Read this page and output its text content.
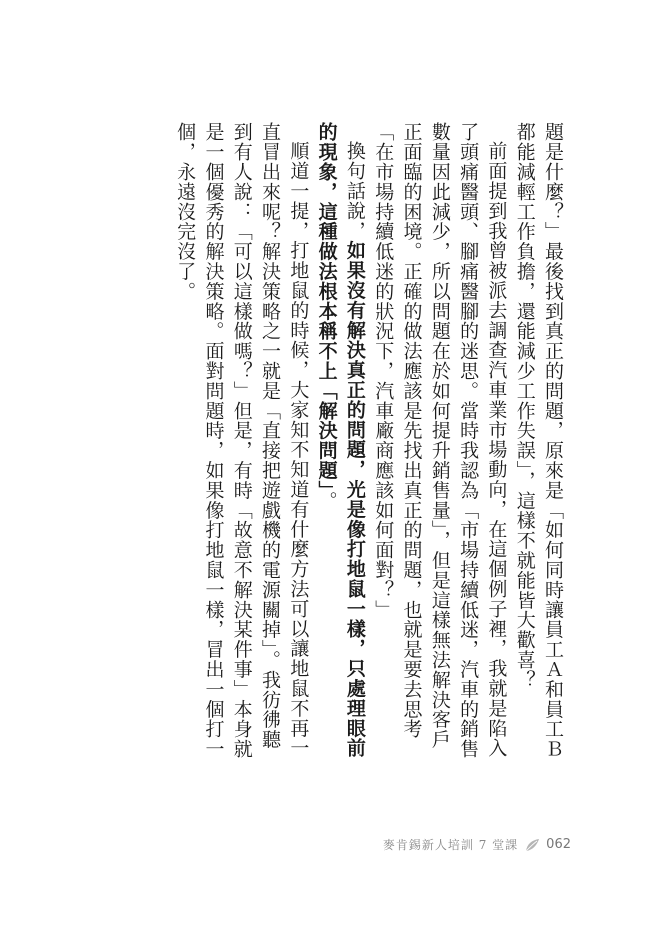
題是什麼？」最後找到真正的問題，原來是「如何同時讓員工Ａ和員工Ｂ都能減輕工作負擔，還能減少工作失誤」，這樣不就能皆大歡喜？

前面提到我曾被派去調查汽車業市場動向，在這個例子裡，我就是陷入了頭痛醫頭、腳痛醫腳的迷思。當時我認為「市場持續低迷，汽車的銷售數量因此減少，所以問題在於如何提升銷售量」，但是這樣無法解決客戶正面臨的困境。正確的做法應該是先找出真正的問題，也就是要去思考「在市場持續低迷的狀況下，汽車廠商應該如何面對？」

換句話說，如果沒有解決真正的問題，光是像打地鼠一樣，只處理眼前的現象，這種做法根本稱不上「解決問題」。

順道一提，打地鼠的時候，大家知不知道有什麼方法可以讓地鼠不再一直冒出來呢？解決策略之一就是「直接把遊戲機的電源關掉」。我彷彿聽到有人說：「可以這樣做嗎？」但是，有時「故意不解決某件事」本身就是一個優秀的解決策略。面對問題時，如果像打地鼠一樣，冒出一個打一個，永遠沒完沒了。

麥肯錫新人培訓 7 堂課 062
